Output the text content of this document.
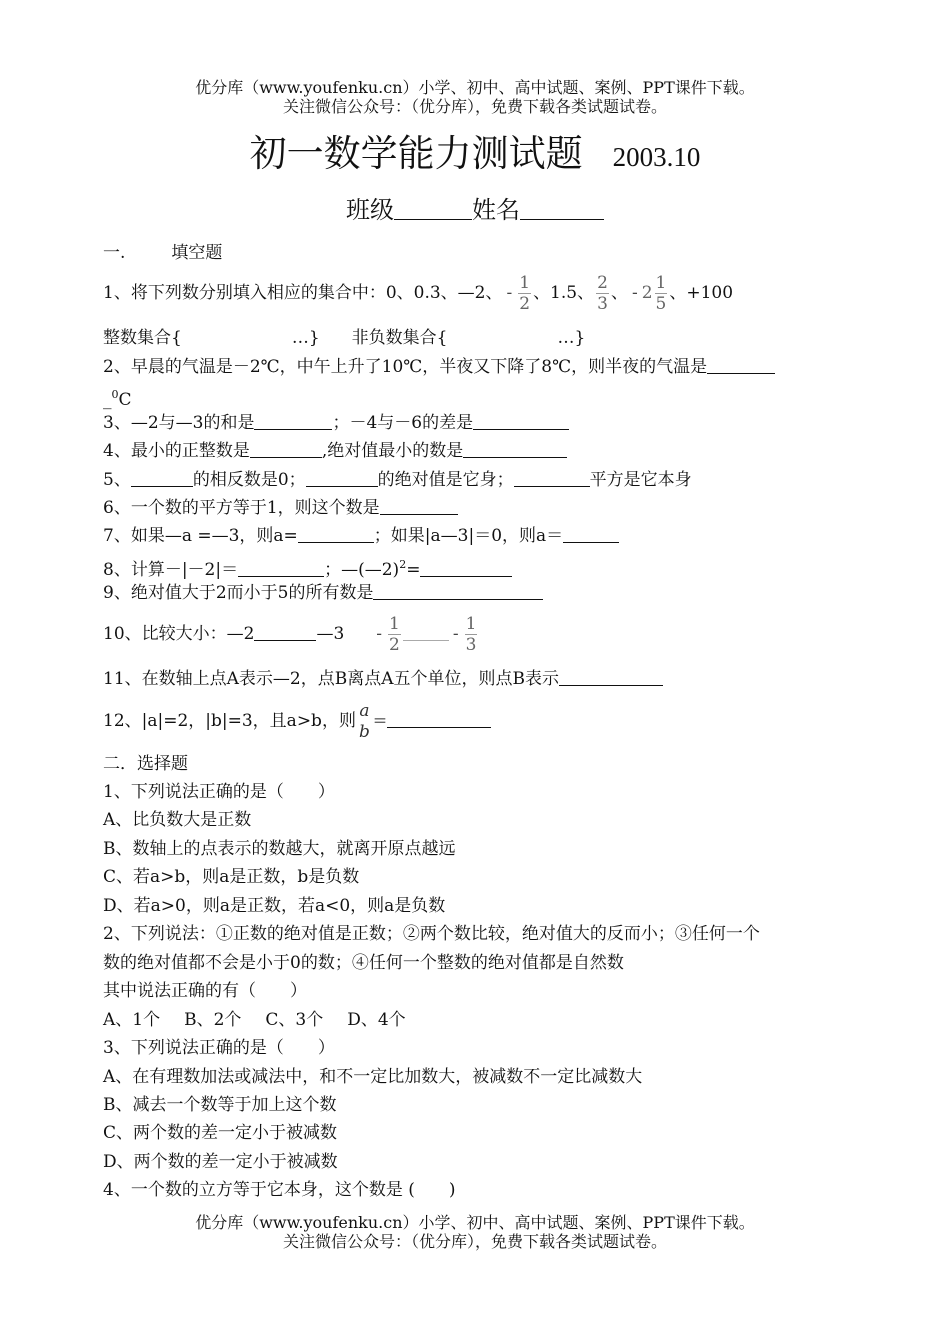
优分库（www.youfenku.cn）小学、初中、高中试题、案例、PPT课件下载。
关注微信公众号：（优分库），免费下载各类试题试卷。
初一数学能力测试题 2003.10
班级	姓名
一.	填空题
1、将下列数分别填入相应的集合中：0、0.3、—2、 - $\frac{1}{2}$ 、1.5、 $\frac{2}{3}$ 、 - $2 \frac{1}{5}$ 、+100
整数集合{	…} 非负数集合{	…}
2、早晨的气温是－2℃，中午上升了10℃，半夜又下降了8℃，则半夜的气温是
_$^0$C
3、—2与—3的和是	；－4与－6的差是
4、最小的正整数是	,绝对值最小的数是
5、	的相反数是0；	的绝对值是它身；	平方是它本身
6、一个数的平方等于1，则这个数是
7、如果—a =—3，则a=	；如果|a—3|＝0，则a＝
8、计算－|－2|＝	；—(—2)$^2$=
9、绝对值大于2而小于5的所有数是
10、比较大小：—2	—3 - $\frac{1}{2}$	- $\frac{1}{3}$
11、在数轴上点A表示—2，点B离点A五个单位，则点B表示
12、|a|=2，|b|=3，且a>b，则 $\frac{a}{b}$ =
二．选择题
1、下列说法正确的是（　　）
A、比负数大是正数
B、数轴上的点表示的数越大，就离开原点越远
C、若a>b，则a是正数，b是负数
D、若a>0，则a是正数，若a<0，则a是负数
2、下列说法：①正数的绝对值是正数；②两个数比较，绝对值大的反而小；③任何一个
数的绝对值都不会是小于0的数；④任何一个整数的绝对值都是自然数
其中说法正确的有（　　）
A、1个 B、2个 C、3个 D、4个
3、下列说法正确的是（　　）
A、在有理数加法或减法中，和不一定比加数大，被减数不一定比减数大
B、减去一个数等于加上这个数
C、两个数的差一定小于被减数
D、两个数的差一定小于被减数
4、一个数的立方等于它本身，这个数是 (　　)
优分库（www.youfenku.cn）小学、初中、高中试题、案例、PPT课件下载。
关注微信公众号：（优分库），免费下载各类试题试卷。
